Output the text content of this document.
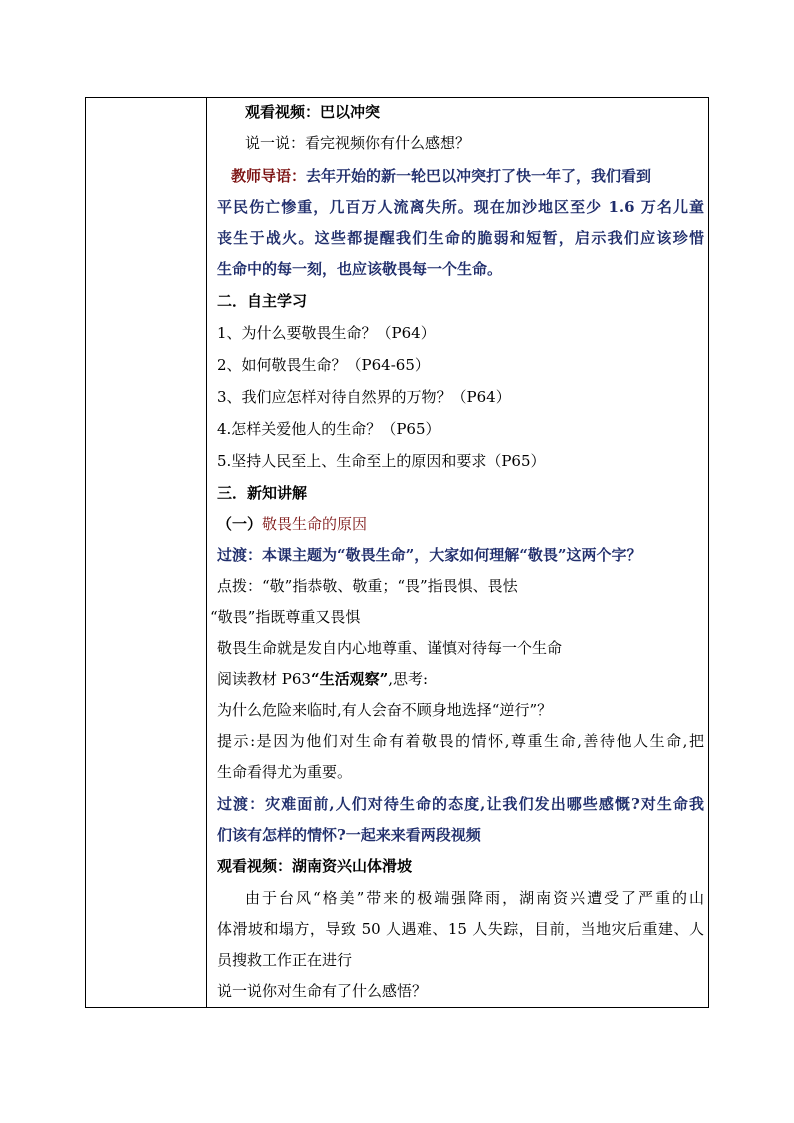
观看视频：巴以冲突
说一说：看完视频你有什么感想？
教师导语：去年开始的新一轮巴以冲突打了快一年了，我们看到
平民伤亡惨重，几百万人流离失所。现在加沙地区至少 1.6 万名儿童
丧生于战火。这些都提醒我们生命的脆弱和短暂，启示我们应该珍惜
生命中的每一刻，也应该敬畏每一个生命。
二．自主学习
1、为什么要敬畏生命？（P64）
2、如何敬畏生命？（P64-65）
3、我们应怎样对待自然界的万物？（P64）
4.怎样关爱他人的生命？（P65）
5.坚持人民至上、生命至上的原因和要求（P65）
三．新知讲解
（一）敬畏生命的原因
过渡：本课主题为“敬畏生命”，大家如何理解“敬畏”这两个字？
点拨：“敬”指恭敬、敬重；“畏”指畏惧、畏怯
“敬畏”指既尊重又畏惧
敬畏生命就是发自内心地尊重、谨慎对待每一个生命
阅读教材 P63“生活观察”,思考:
为什么危险来临时,有人会奋不顾身地选择“逆行”？
提示:是因为他们对生命有着敬畏的情怀,尊重生命,善待他人生命,把
生命看得尤为重要。
过渡：灾难面前,人们对待生命的态度,让我们发出哪些感慨?对生命我
们该有怎样的情怀?一起来来看两段视频
观看视频：湖南资兴山体滑坡
由于台风“格美”带来的极端强降雨，湖南资兴遭受了严重的山
体滑坡和塌方，导致 50 人遇难、15 人失踪，目前，当地灾后重建、人
员搜救工作正在进行
说一说你对生命有了什么感悟？
